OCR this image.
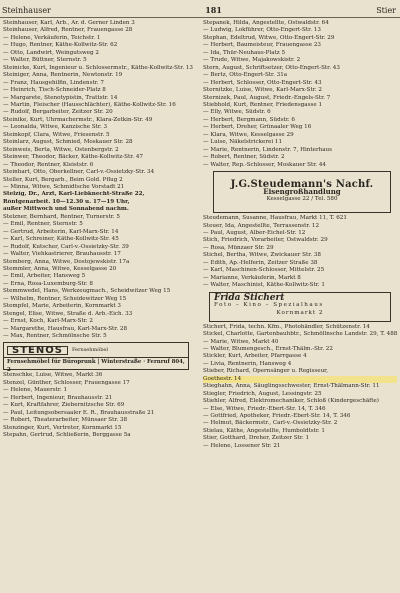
Steinhauser	181	Stier
Steinhauser, Karl, Arb., Ar. d. Gerner Linden 3
Steinhauser, Alfred, Rentner, Frauengasse 28
— Helene, Verkäuferin, Teichstr. 1
— Hugo, Rentner, Käthe-Kollwitz-Str. 62
— Otto, Landwirt, Weingutsweg 2
— Walter, Büttner, Sternstr. 5
Steinicke, Kurt, Ingenieur u. Schlossermstr., Käthe-Kollwitz-Str. 13
Steiniger, Anna, Rentnerin, Newtonstr. 19
— Franz, Hausgehilfin, Lindenstr. 7
— Heinrich, Tisch-Schneider-Platz 8
— Margarete, Stenotypistin, Trattstr. 14
— Martin, Fleischer (Hausschlächter), Käthe-Kollwitz-Str. 16
— Rudolf, Bergarbeiter, Zeitzer Str. 20
Steinike, Kurt, Uhrmachermstr., Klara-Zetkin-Str. 49
— Leonalda, Witwe, Kanzische Str. 3
Steinkopf, Clara, Witwe, Friesenstr. 5
Steinlarz, August, Schmied, Moskauer Str. 28
Steinweis, Berta, Witwe, Ostenbergstr. 2
Steinwer, Theodor, Bäcker, Käthe-Kollwitz-Str. 47
— Theodor, Rentner, Kleiststr. 6
Steinhart, Otto, Oberkellner, Carl-v.-Ossietzky-Str. 34
Steller, Kurt, Bergarb., Beim Gold. Pflug 2
— Minna, Witwe, Schmidtsche Vorstadt 21
Stelzig, Dr., Arzt, Karl-Liebknecht-Straße 22,
Röntgenarbeit. 10—12.30 u. 17—19 Uhr,
außer Mittwoch und Sonnabend nachm.
Stelzner, Bernhard, Rentner, Turnerstr. 5
— Emil, Rentner, Sternstr. 5
— Gertrud, Arbeiterin, Karl-Marx-Str. 14
— Karl, Schreiner, Käthe-Kollwitz-Str. 45
— Rudolf, Kutscher, Carl-v.-Ossietzky-Str. 39
— Walter, Viehkastrierer, Brauhausstr. 17
Stemberg, Anna, Witwe, Dostojewskistr. 17a
Stemmler, Anna, Witwe, Kesselgasse 20
— Emil, Arbeiter, Hansweg 5
— Erna, Rosa-Luxemburg-Str. 8
Stemmwedel, Hans, Werkzeugmach., Scheidwitzer Weg 15
— Wilhelm, Rentner, Scheidewitzer Weg 15
Stempfel, Marie, Arbeiterin, Kornmarkt 3
Stengel, Elise, Witwe, Straße d. Arb.-Eich. 33
— Ernst, Koch, Karl-Marx-Str. 2
— Margarethe, Hausfrau, Karl-Marx-Str. 28
— Max, Rentner, Schmölnsche Str. 5
STENOS	Fernsehmöbel
Fernsehmöbel für Büroprunk | Winterstraße · Fernruf 804, 2
Stenschke, Luise, Witwe, Markt 36
Stenzel, Günther, Schlosser, Frauengasse 17
— Helene, Mauerstr. 1
— Herbert, Ingenieur, Brauhausstr. 21
— Kurt, Kraftfahrer, Ziebernitzsche Str. 69
— Paul, Leitungsobersaaler E. R., Brauhausstraße 21
— Robert, Theaterarbeiter, Münsaer Str. 38
Stenzinger, Kurt, Vertreter, Kornmarkt 15
Stepahn, Gertrud, Schließerin, Berggasse 5a
Stepanek, Hilda, Angestellte, Ostwaldstr. 64
— Ludwig, Lokführer, Otto-Engert-Str. 13
Stephan, Edeltrud, Witwe, Otto-Engert-Str. 29
— Herbert, Baumeisteur, Frauengasse 23
— Ida, Thür-Neuhaus-Platz 5
— Trude, Witwe, Majakowskistr. 2
Stern, August, Schriftsetzer, Otto-Engert-Str. 43
— Bertz, Otto-Engert-Str. 31a
— Herbert, Schlosser, Otto-Engert-Str. 43
Sternitzke, Luise, Witwe, Karl-Marx-Str. 2
Sternizek, Paul, August, Friedr.-Engels-Str. 7
Stiebhold, Kurt, Rentner, Friedensgasse 1
— Elly, Witwe, Südstr. 6
— Herbert, Bergmann, Südstr. 6
— Herbert, Dreher, Grünaaler Weg 16
— Klara, Witwe, Kesselgasse 29
— Luise, Näkelstrickerei 11
— Marie, Rentnerin, Lindenstr. 7, Hinterhaus
— Robert, Rentner, Südstr. 2
— Walter, Rep.-Schlosser, Moskauer Str. 44
J.G.Steudemann's Nachf.
Eisengroßhandlung
Kesselgasse 22 / Tel. 580
Steudemann, Susanne, Hausfrau, Markt 11, T. 621
Steuer, Ida, Angestellte, Terrassenstr. 12
— Paul, August, Alber-Eichel-Str. 12
Stich, Friedrich, Vorarbeiter, Ostwaldstr. 29
— Rosa, Münzaer Str. 29
Stichel, Bertha, Witwe, Zwickauer Str. 38
— Edith, Ap.-Helferin, Zeitzer Straße 38
— Karl, Maschinen-Schlosser, Mittelstr. 25
— Marianne, Verkäuferin, Markt 8
— Walter, Maschinist, Käthe-Kollwitz-Str. 1
Frida Stichert
Foto – Kino – Spezialhaus
Kornmarkt 2
Stichert, Frida, techn. Kfm., Photohändler, Schützenstr. 14
Stickel, Charlotte, Gartenbauhbtr., Schmöllnsche Landstr. 29, T. 488
— Marie, Witwe, Markt 40
— Walter, Blumengesch., Ernst-Thälm.-Str. 22
Stickler, Kurt, Arbeiter, Pfarrgasse 4
— Livia, Rentnerin, Hansweg 4
Stieber, Richard, Opernsänger u. Regisseur,
Goethestr. 14
Stieghahn, Anna, Säuglingsschwester, Ernst-Thälmann-Str. 11
Stiegler, Friedrich, August, Lessingstr. 25
Stiehler, Alfred, Elektromechaniker, Schloß (Kindergeschäfte)
— Else, Witwe, Friedr.-Ebert-Str. 14, T. 346
— Gottfried, Apotheker, Friedr.-Ebert-Str. 14, T. 346
— Helmut, Bäckermstr., Carl-v.-Ossietzky-Str. 2
Stielau, Käthe, Angestellte, Humboldtstr. 1
Stier, Gotthard, Dreher, Zeitzer Str. 1
— Helene, Lossener Str. 21
